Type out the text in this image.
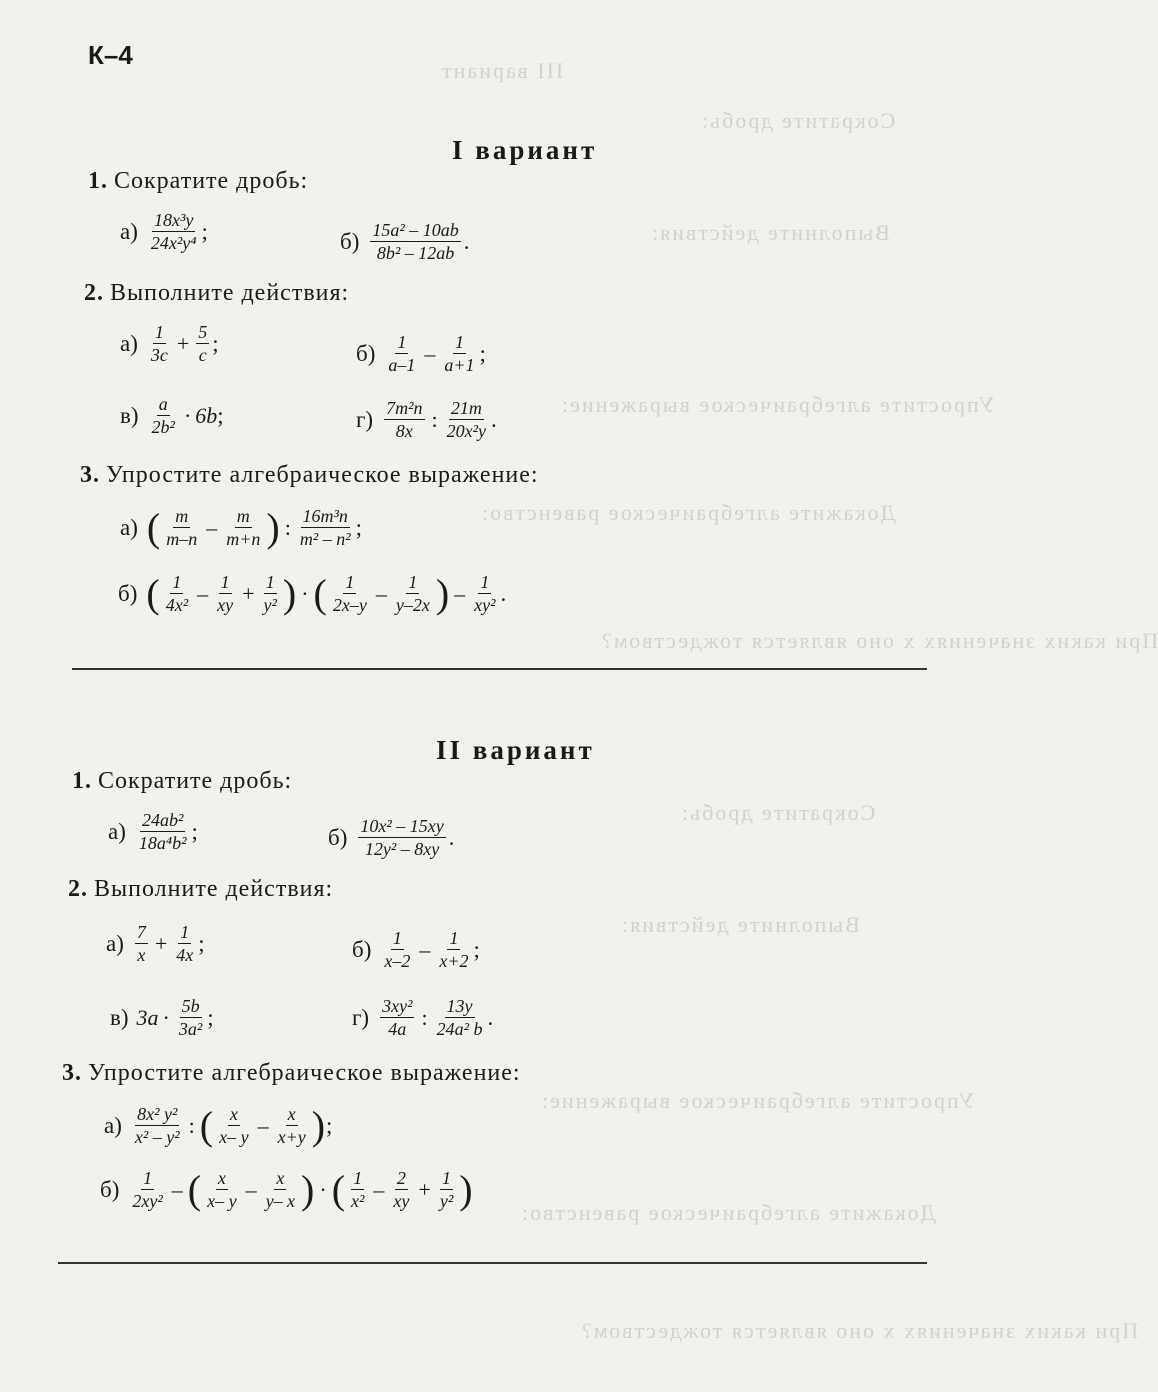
III вариант
Сократите дробь:
Выполните действия:
Упростите алгебраическое выражение:
Докажите алгебраическое равенство:
При каких значениях x оно является тождеством?
Сократите дробь:
Выполните действия:
Упростите алгебраическое выражение:
Докажите алгебраическое равенство:
При каких значениях x оно является тождеством?
К–4
I вариант
1. Сократите дробь:
$а) \frac{\text{18x³y}}{\text{24x²y⁴}}$ ;	$б) \frac{\text{15a² – 10ab}}{\text{8b² – 12ab}}$ .
2. Выполните действия:
$а) \frac{1}{3c} + \frac{5}{c}$ ;	$б) \frac{1}{a-1} - \frac{1}{a+1}$ ;
$в) \frac{a}{\text{2b²}} \cdot 6b$ ;	$г) \frac{\text{7m²n}}{8x}$ : $\frac{21m}{\text{20x²y}}$ .
3. Упростите алгебраическое выражение:
а) ( $\frac{m}{m-n} - \frac{m}{m+n}$ ) : $\frac{\text{16m³n}}{\text{m² – n²}}$ ;
б) ( $\frac{1}{\text{4x²}} - \frac{1}{xy} + \frac{1}{\text{y²}}$ ) · ( $\frac{1}{2x-y} - \frac{1}{y-2x}$ ) – $\frac{1}{\text{xy²}}$ .
II вариант
1. Сократите дробь:
$а) \frac{\text{24ab²}}{\text{18a⁴b²}}$ ;	$б) \frac{\text{10x² – 15xy}}{\text{12y² – 8xy}}$ .
2. Выполните действия:
$а) \frac{7}{x} + \frac{1}{4x}$ ;	$б) \frac{1}{x-2} - \frac{1}{x+2}$ ;
в) $3a \cdot \frac{5b}{\text{3a²}}$ ;	$г) \frac{\text{3xy²}}{4a}$ : $\frac{13y}{\text{24a² b}}$ .
3. Упростите алгебраическое выражение:
$а) \frac{\text{8x² y²}}{\text{x² – y²}}$ : ( $\frac{x}{x- y} - \frac{x}{x+y}$ ) ;
$б) \frac{1}{\text{2xy²}}$ – ( $\frac{x}{x- y} - \frac{x}{y- x}$ ) · ( $\frac{1}{\text{x²}} - \frac{2}{xy} + \frac{1}{\text{y²}}$ )
